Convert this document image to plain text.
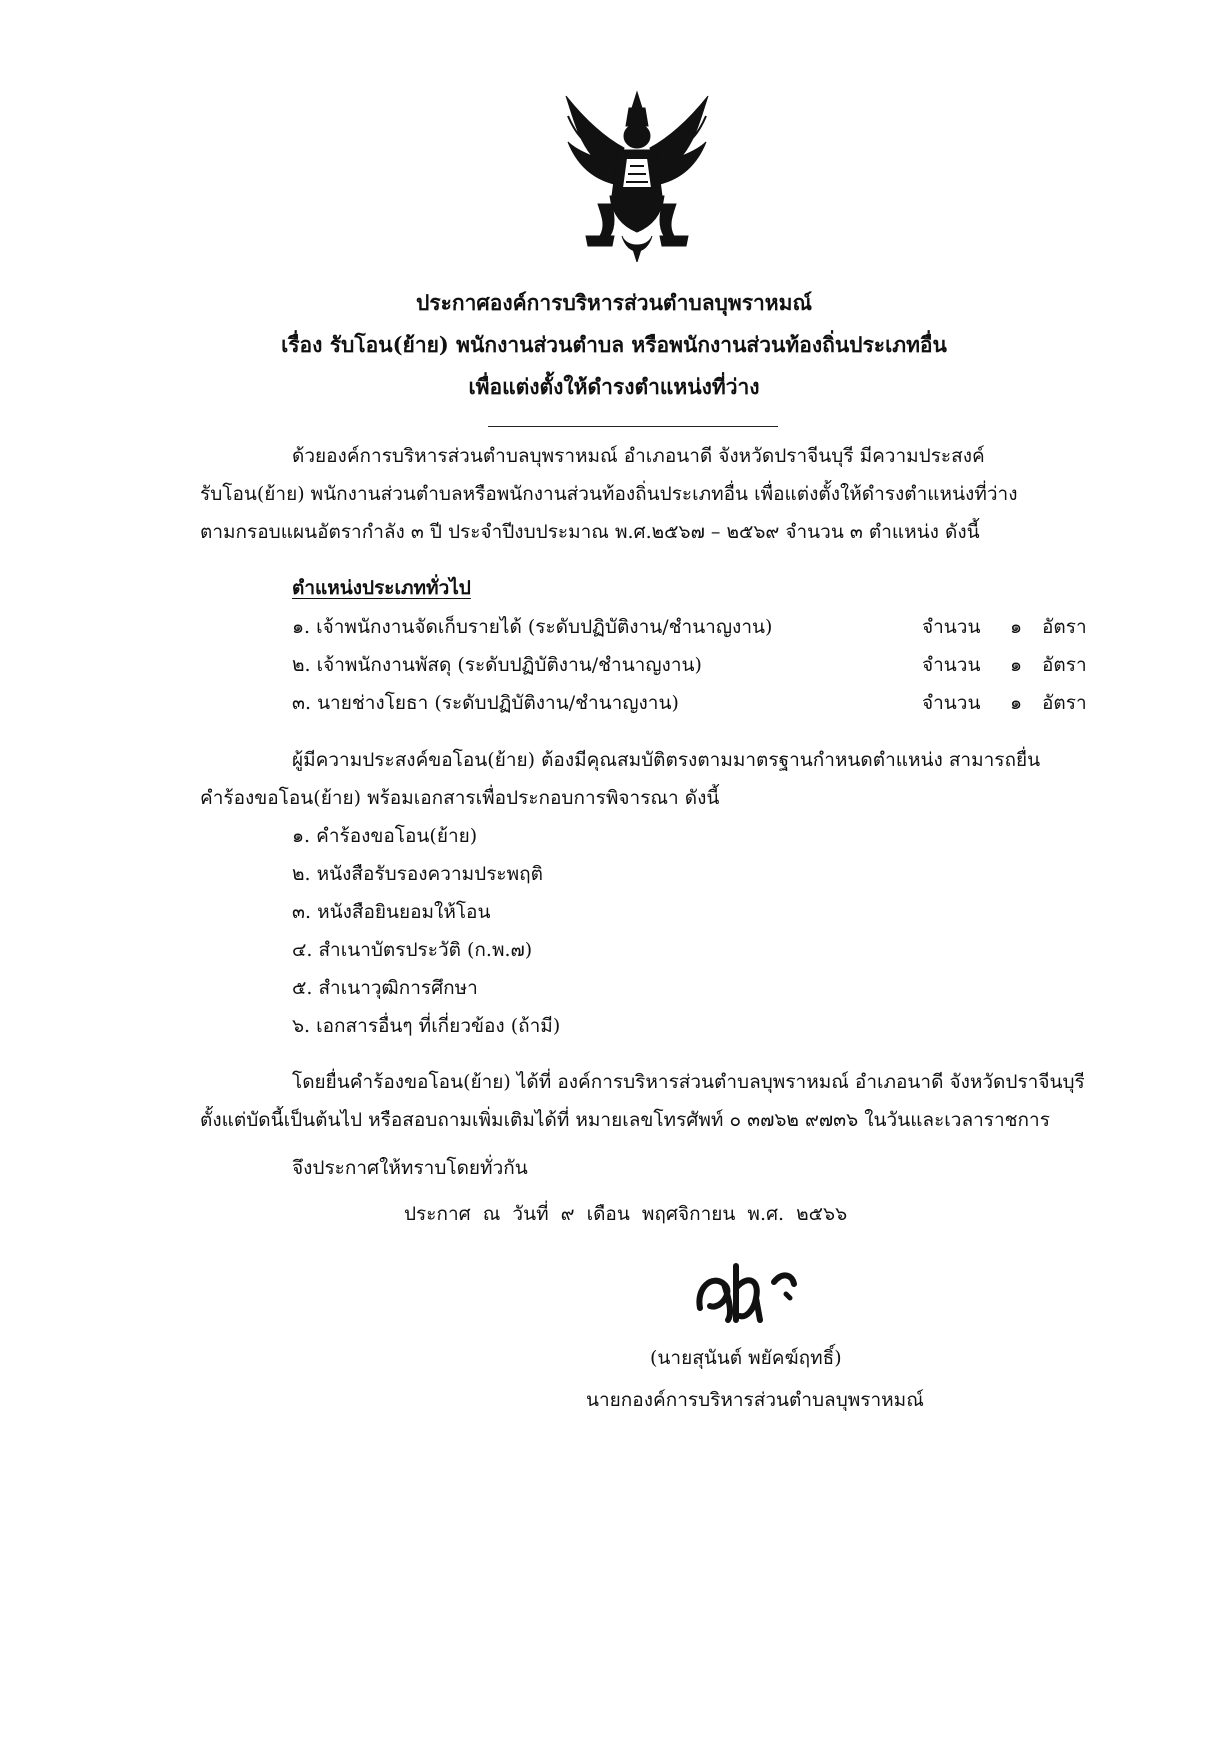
ประกาศองค์การบริหารส่วนตำบลบุพราหมณ์
เรื่อง รับโอน(ย้าย) พนักงานส่วนตำบล หรือพนักงานส่วนท้องถิ่นประเภทอื่น
เพื่อแต่งตั้งให้ดำรงตำแหน่งที่ว่าง
ด้วยองค์การบริหารส่วนตำบลบุพราหมณ์ อำเภอนาดี จังหวัดปราจีนบุรี มีความประสงค์
รับโอน(ย้าย) พนักงานส่วนตำบลหรือพนักงานส่วนท้องถิ่นประเภทอื่น เพื่อแต่งตั้งให้ดำรงตำแหน่งที่ว่าง
ตามกรอบแผนอัตรากำลัง ๓ ปี ประจำปีงบประมาณ พ.ศ.๒๕๖๗ – ๒๕๖๙ จำนวน ๓ ตำแหน่ง ดังนี้
ตำแหน่งประเภททั่วไป
๑. เจ้าพนักงานจัดเก็บรายได้ (ระดับปฏิบัติงาน/ชำนาญงาน)	จำนวน ๑ อัตรา
๒. เจ้าพนักงานพัสดุ (ระดับปฏิบัติงาน/ชำนาญงาน)	จำนวน ๑ อัตรา
๓. นายช่างโยธา (ระดับปฏิบัติงาน/ชำนาญงาน)	จำนวน ๑ อัตรา
ผู้มีความประสงค์ขอโอน(ย้าย) ต้องมีคุณสมบัติตรงตามมาตรฐานกำหนดตำแหน่ง สามารถยื่น
คำร้องขอโอน(ย้าย) พร้อมเอกสารเพื่อประกอบการพิจารณา ดังนี้
๑. คำร้องขอโอน(ย้าย)
๒. หนังสือรับรองความประพฤติ
๓. หนังสือยินยอมให้โอน
๔. สำเนาบัตรประวัติ (ก.พ.๗)
๕. สำเนาวุฒิการศึกษา
๖. เอกสารอื่นๆ ที่เกี่ยวข้อง (ถ้ามี)
โดยยื่นคำร้องขอโอน(ย้าย) ได้ที่ องค์การบริหารส่วนตำบลบุพราหมณ์ อำเภอนาดี จังหวัดปราจีนบุรี
ตั้งแต่บัดนี้เป็นต้นไป หรือสอบถามเพิ่มเติมได้ที่ หมายเลขโทรศัพท์ ๐ ๓๗๖๒ ๙๗๓๖ ในวันและเวลาราชการ
จึงประกาศให้ทราบโดยทั่วกัน
ประกาศ ณ วันที่ ๙ เดือน พฤศจิกายน พ.ศ. ๒๕๖๖
(นายสุนันต์ พยัคฆ์ฤทธิ์)
นายกองค์การบริหารส่วนตำบลบุพราหมณ์
